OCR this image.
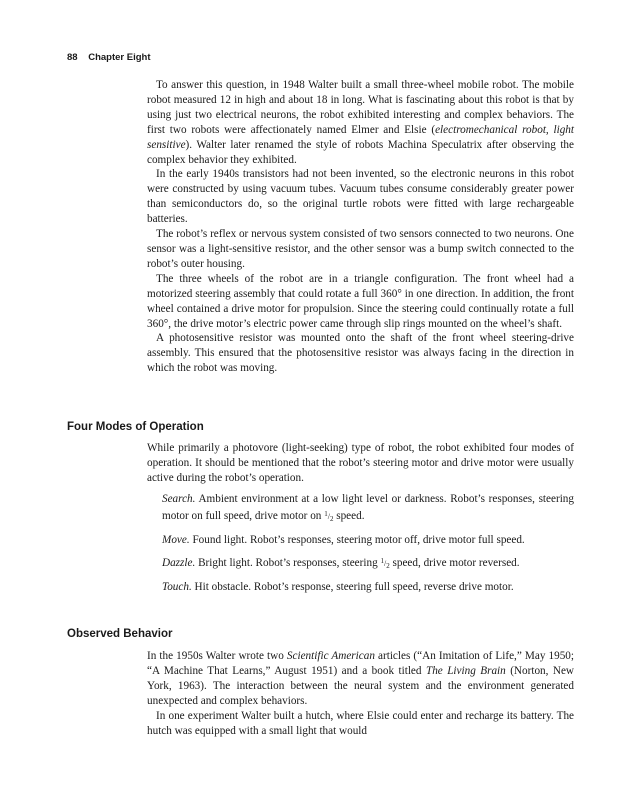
88 Chapter Eight

To answer this question, in 1948 Walter built a small three-wheel mobile robot. The mobile robot measured 12 in high and about 18 in long. What is fascinating about this robot is that by using just two electrical neurons, the robot exhibited interesting and complex behaviors. The first two robots were affectionately named Elmer and Elsie (electromechanical robot, light sensitive). Walter later renamed the style of robots Machina Speculatrix after observing the complex behavior they exhibited.

In the early 1940s transistors had not been invented, so the electronic neurons in this robot were constructed by using vacuum tubes. Vacuum tubes consume considerably greater power than semiconductors do, so the original turtle robots were fitted with large rechargeable batteries.

The robot’s reflex or nervous system consisted of two sensors connected to two neurons. One sensor was a light-sensitive resistor, and the other sensor was a bump switch connected to the robot’s outer housing.

The three wheels of the robot are in a triangle configuration. The front wheel had a motorized steering assembly that could rotate a full 360° in one direction. In addition, the front wheel contained a drive motor for propulsion. Since the steering could continually rotate a full 360°, the drive motor’s electric power came through slip rings mounted on the wheel’s shaft.

A photosensitive resistor was mounted onto the shaft of the front wheel steering-drive assembly. This ensured that the photosensitive resistor was always facing in the direction in which the robot was moving.

Four Modes of Operation

While primarily a photovore (light-seeking) type of robot, the robot exhibited four modes of operation. It should be mentioned that the robot’s steering motor and drive motor were usually active during the robot’s operation.

Search. Ambient environment at a low light level or darkness. Robot’s responses, steering motor on full speed, drive motor on $^1/_2$ speed.

Move. Found light. Robot’s responses, steering motor off, drive motor full speed.

Dazzle. Bright light. Robot’s responses, steering $^1/_2$ speed, drive motor reversed.

Touch. Hit obstacle. Robot’s response, steering full speed, reverse drive motor.

Observed Behavior

In the 1950s Walter wrote two Scientific American articles (“An Imitation of Life,” May 1950; “A Machine That Learns,” August 1951) and a book titled The Living Brain (Norton, New York, 1963). The interaction between the neural system and the environment generated unexpected and complex behaviors.

In one experiment Walter built a hutch, where Elsie could enter and recharge its battery. The hutch was equipped with a small light that would
